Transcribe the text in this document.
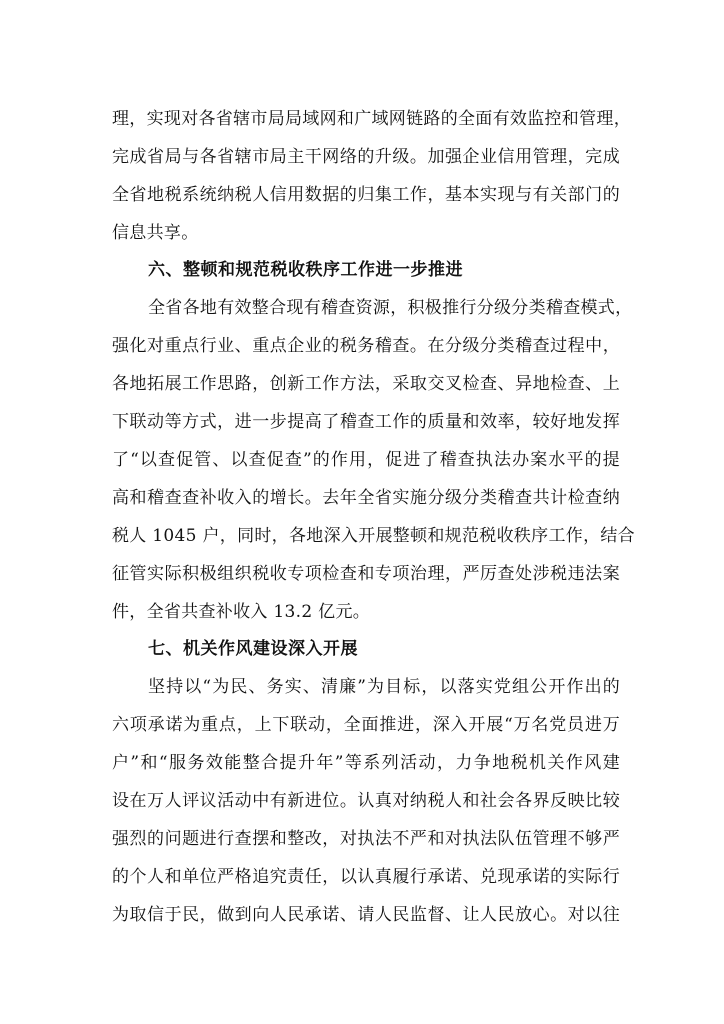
理，实现对各省辖市局局域网和广域网链路的全面有效监控和管理，
完成省局与各省辖市局主干网络的升级。加强企业信用管理，完成
全省地税系统纳税人信用数据的归集工作，基本实现与有关部门的
信息共享。
六、整顿和规范税收秩序工作进一步推进
全省各地有效整合现有稽查资源，积极推行分级分类稽查模式，
强化对重点行业、重点企业的税务稽查。在分级分类稽查过程中，
各地拓展工作思路，创新工作方法，采取交叉检查、异地检查、上
下联动等方式，进一步提高了稽查工作的质量和效率，较好地发挥
了“以查促管、以查促查”的作用，促进了稽查执法办案水平的提
高和稽查查补收入的增长。去年全省实施分级分类稽查共计检查纳
税人 1045 户，同时，各地深入开展整顿和规范税收秩序工作，结合
征管实际积极组织税收专项检查和专项治理，严厉查处涉税违法案
件，全省共查补收入 13.2 亿元。
七、机关作风建设深入开展
坚持以“为民、务实、清廉”为目标，以落实党组公开作出的
六项承诺为重点，上下联动，全面推进，深入开展“万名党员进万
户”和“服务效能整合提升年”等系列活动，力争地税机关作风建
设在万人评议活动中有新进位。认真对纳税人和社会各界反映比较
强烈的问题进行查摆和整改，对执法不严和对执法队伍管理不够严
的个人和单位严格追究责任，以认真履行承诺、兑现承诺的实际行
为取信于民，做到向人民承诺、请人民监督、让人民放心。对以往
